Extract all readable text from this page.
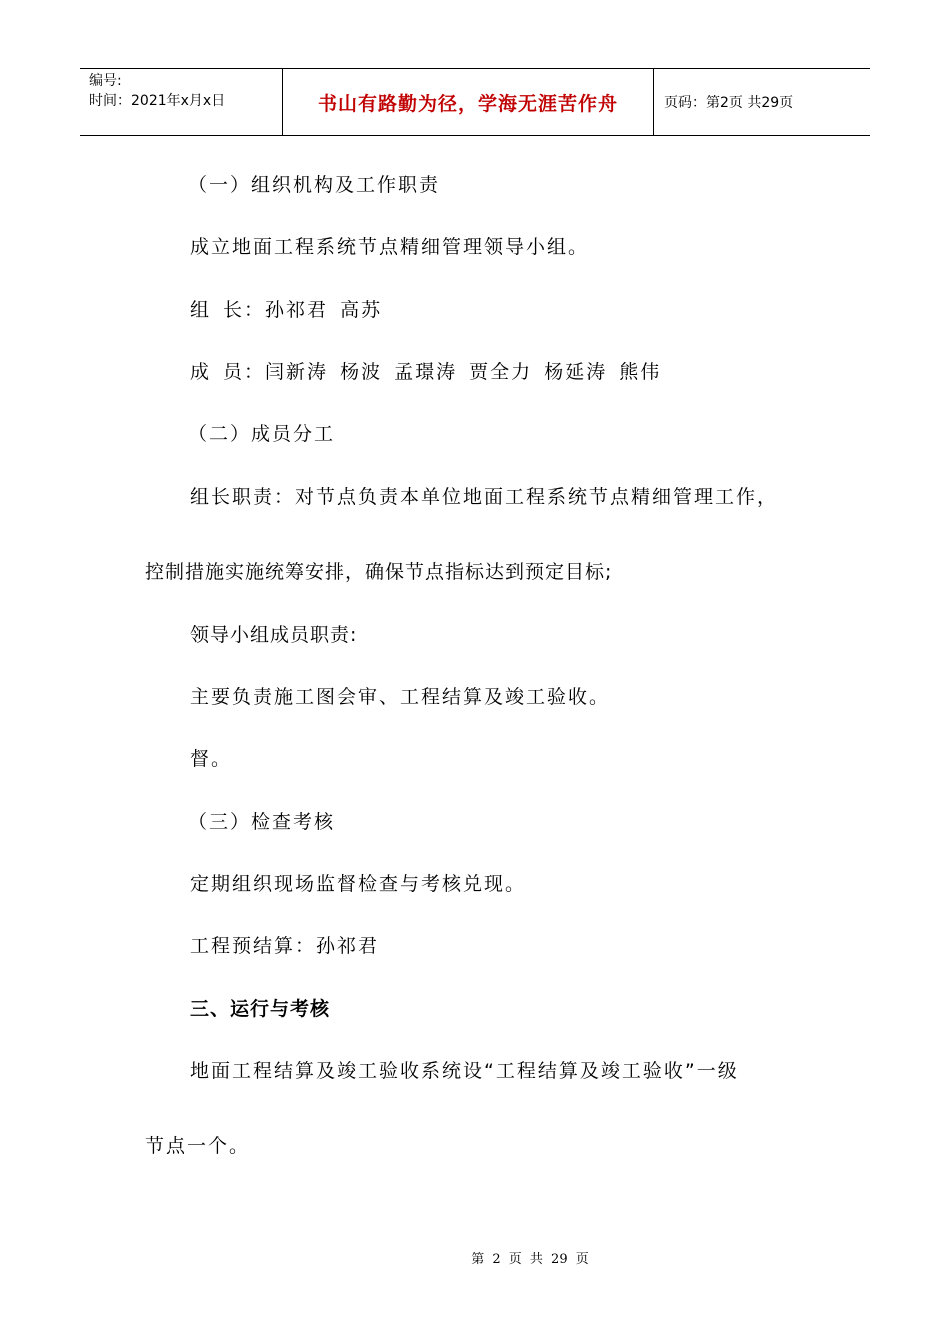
编号:
时间：2021年x月x日	书山有路勤为径，学海无涯苦作舟	页码：第2页 共29页
（一）组织机构及工作职责
成立地面工程系统节点精细管理领导小组。
组 长：孙祁君 高苏
成 员：闫新涛 杨波 孟璟涛 贾全力 杨延涛 熊伟
（二）成员分工
组长职责：对节点负责本单位地面工程系统节点精细管理工作，
控制措施实施统筹安排，确保节点指标达到预定目标;
领导小组成员职责:
主要负责施工图会审、工程结算及竣工验收。
督。
（三）检查考核
定期组织现场监督检查与考核兑现。
工程预结算：孙祁君
三、运行与考核
地面工程结算及竣工验收系统设“工程结算及竣工验收”一级
节点一个。
第 2 页 共 29 页
